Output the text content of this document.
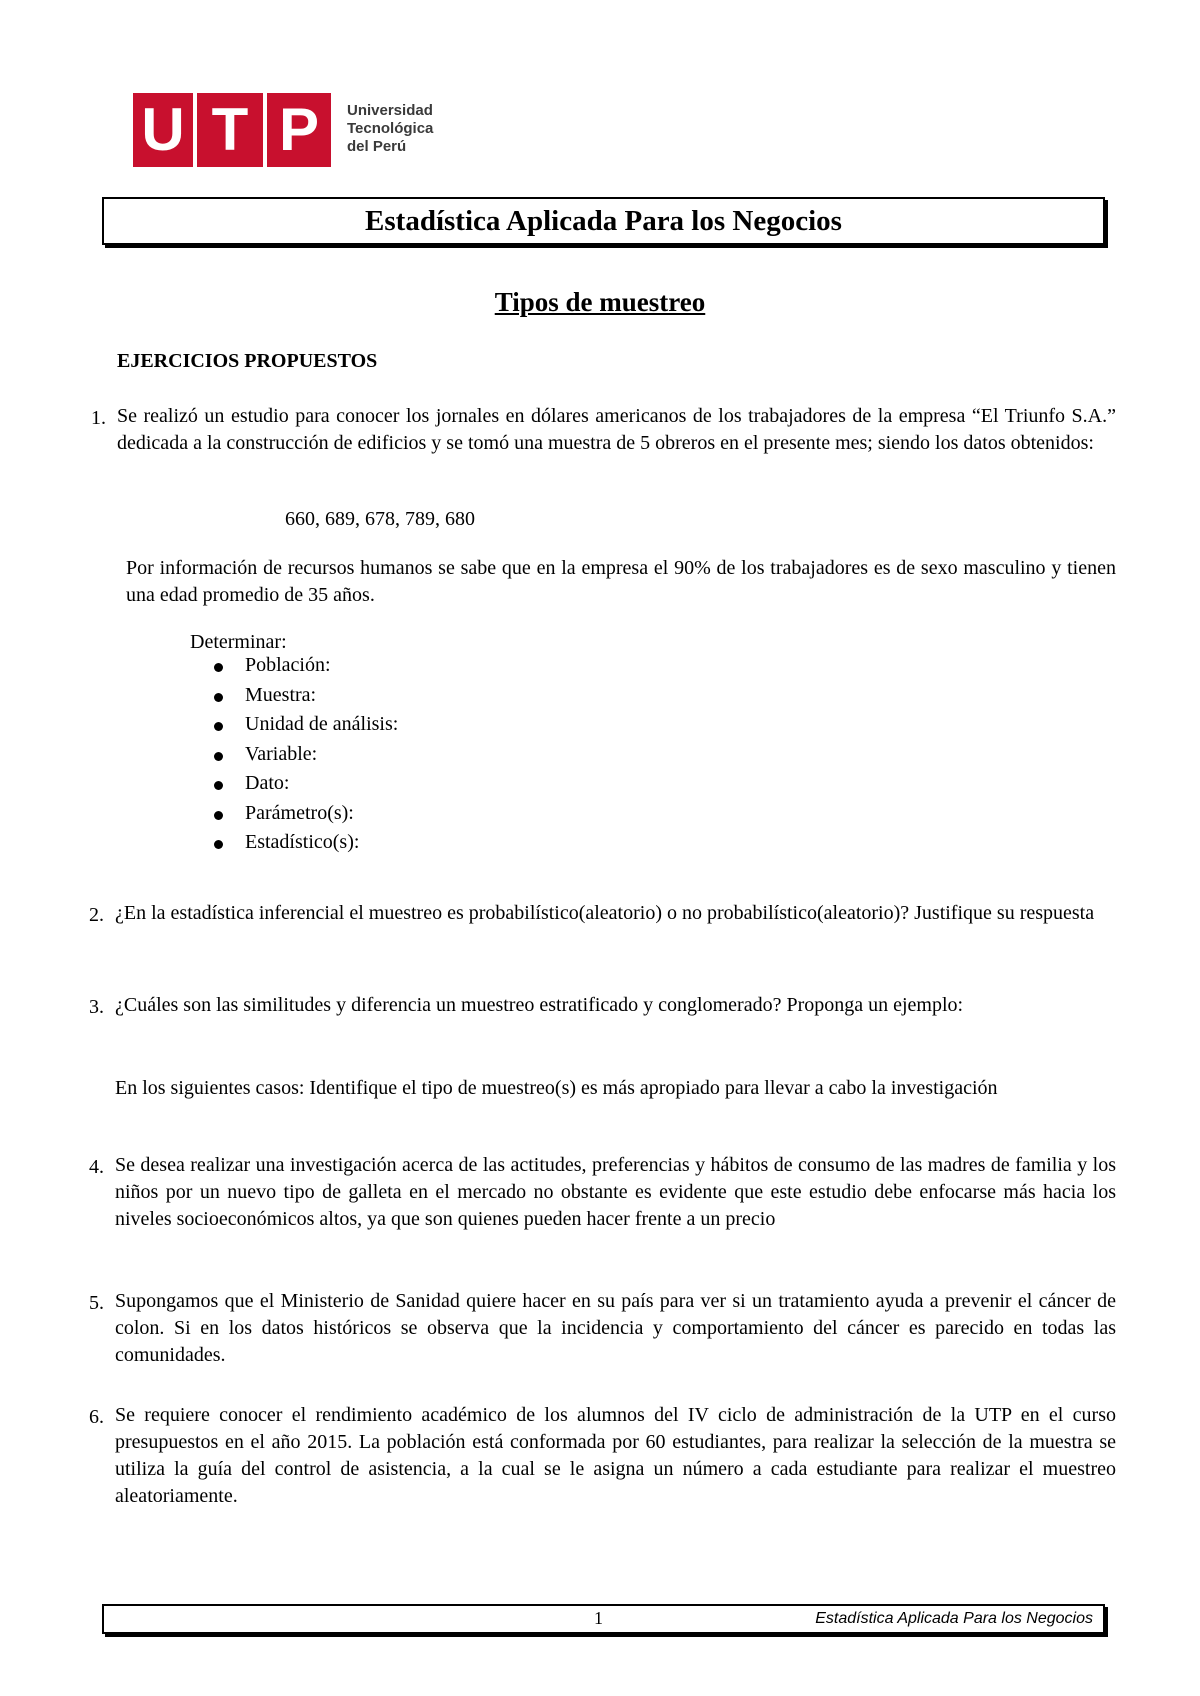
U T P	Universidad
Tecnológica
del Perú
Estadística Aplicada Para los Negocios
Tipos de muestreo
EJERCICIOS PROPUESTOS
1. Se realizó un estudio para conocer los jornales en dólares americanos de los trabajadores de la empresa “El Triunfo S.A.” dedicada a la construcción de edificios y se tomó una muestra de 5 obreros en el presente mes; siendo los datos obtenidos:
660, 689, 678, 789, 680
Por información de recursos humanos se sabe que en la empresa el 90% de los trabajadores es de sexo masculino y tienen una edad promedio de 35 años.
Determinar:
Población:
Muestra:
Unidad de análisis:
Variable:
Dato:
Parámetro(s):
Estadístico(s):
2. ¿En la estadística inferencial el muestreo es probabilístico(aleatorio) o no probabilístico(aleatorio)? Justifique su respuesta
3. ¿Cuáles son las similitudes y diferencia un muestreo estratificado y conglomerado? Proponga un ejemplo:
En los siguientes casos: Identifique el tipo de muestreo(s) es más apropiado para llevar a cabo la investigación
4. Se desea realizar una investigación acerca de las actitudes, preferencias y hábitos de consumo de las madres de familia y los niños por un nuevo tipo de galleta en el mercado no obstante es evidente que este estudio debe enfocarse más hacia los niveles socioeconómicos altos, ya que son quienes pueden hacer frente a un precio
5. Supongamos que el Ministerio de Sanidad quiere hacer en su país para ver si un tratamiento ayuda a prevenir el cáncer de colon. Si en los datos históricos se observa que la incidencia y comportamiento del cáncer es parecido en todas las comunidades.
6. Se requiere conocer el rendimiento académico de los alumnos del IV ciclo de administración de la UTP en el curso presupuestos en el año 2015. La población está conformada por 60 estudiantes, para realizar la selección de la muestra se utiliza la guía del control de asistencia, a la cual se le asigna un número a cada estudiante para realizar el muestreo aleatoriamente.
1	Estadística Aplicada Para los Negocios
